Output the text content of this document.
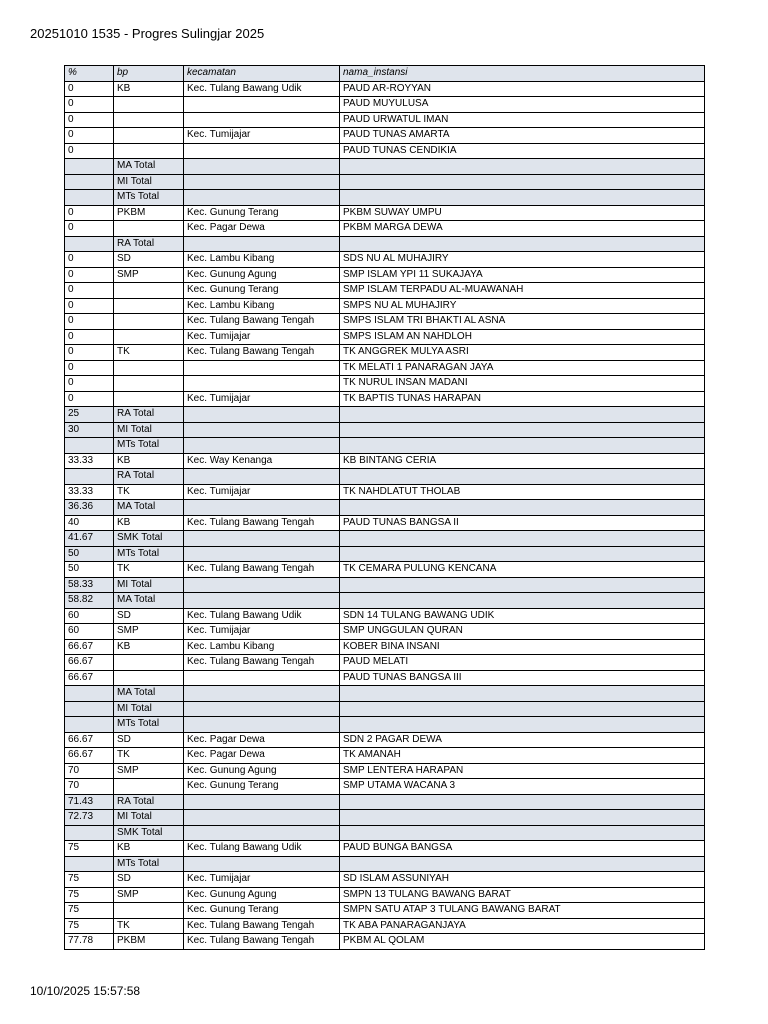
20251010 1535 - Progres Sulingjar 2025
%	bp	kecamatan	nama_instansi
0	KB	Kec. Tulang Bawang Udik	PAUD AR-ROYYAN
0			PAUD MUYULUSA
0			PAUD URWATUL IMAN
0		Kec. Tumijajar	PAUD TUNAS AMARTA
0			PAUD TUNAS CENDIKIA
	MA Total		
	MI Total		
	MTs Total		
0	PKBM	Kec. Gunung Terang	PKBM SUWAY UMPU
0		Kec. Pagar Dewa	PKBM MARGA DEWA
	RA Total		
0	SD	Kec. Lambu Kibang	SDS NU AL MUHAJIRY
0	SMP	Kec. Gunung Agung	SMP ISLAM YPI 11 SUKAJAYA
0		Kec. Gunung Terang	SMP ISLAM TERPADU AL-MUAWANAH
0		Kec. Lambu Kibang	SMPS NU AL MUHAJIRY
0		Kec. Tulang Bawang Tengah	SMPS ISLAM TRI BHAKTI AL ASNA
0		Kec. Tumijajar	SMPS ISLAM AN NAHDLOH
0	TK	Kec. Tulang Bawang Tengah	TK ANGGREK MULYA ASRI
0			TK MELATI 1 PANARAGAN JAYA
0			TK NURUL INSAN MADANI
0		Kec. Tumijajar	TK BAPTIS TUNAS HARAPAN
25	RA Total		
30	MI Total		
	MTs Total		
33.33	KB	Kec. Way Kenanga	KB BINTANG CERIA
	RA Total		
33.33	TK	Kec. Tumijajar	TK NAHDLATUT THOLAB
36.36	MA Total		
40	KB	Kec. Tulang Bawang Tengah	PAUD TUNAS BANGSA II
41.67	SMK Total		
50	MTs Total		
50	TK	Kec. Tulang Bawang Tengah	TK CEMARA PULUNG KENCANA
58.33	MI Total		
58.82	MA Total		
60	SD	Kec. Tulang Bawang Udik	SDN 14 TULANG BAWANG UDIK
60	SMP	Kec. Tumijajar	SMP UNGGULAN QURAN
66.67	KB	Kec. Lambu Kibang	KOBER BINA INSANI
66.67		Kec. Tulang Bawang Tengah	PAUD MELATI
66.67			PAUD TUNAS BANGSA III
	MA Total		
	MI Total		
	MTs Total		
66.67	SD	Kec. Pagar Dewa	SDN 2 PAGAR DEWA
66.67	TK	Kec. Pagar Dewa	TK AMANAH
70	SMP	Kec. Gunung Agung	SMP LENTERA HARAPAN
70		Kec. Gunung Terang	SMP UTAMA WACANA 3
71.43	RA Total		
72.73	MI Total		
	SMK Total		
75	KB	Kec. Tulang Bawang Udik	PAUD BUNGA BANGSA
	MTs Total		
75	SD	Kec. Tumijajar	SD ISLAM ASSUNIYAH
75	SMP	Kec. Gunung Agung	SMPN 13 TULANG BAWANG BARAT
75		Kec. Gunung Terang	SMPN SATU ATAP 3 TULANG BAWANG BARAT
75	TK	Kec. Tulang Bawang Tengah	TK ABA PANARAGANJAYA
77.78	PKBM	Kec. Tulang Bawang Tengah	PKBM AL QOLAM
10/10/2025 15:57:58
